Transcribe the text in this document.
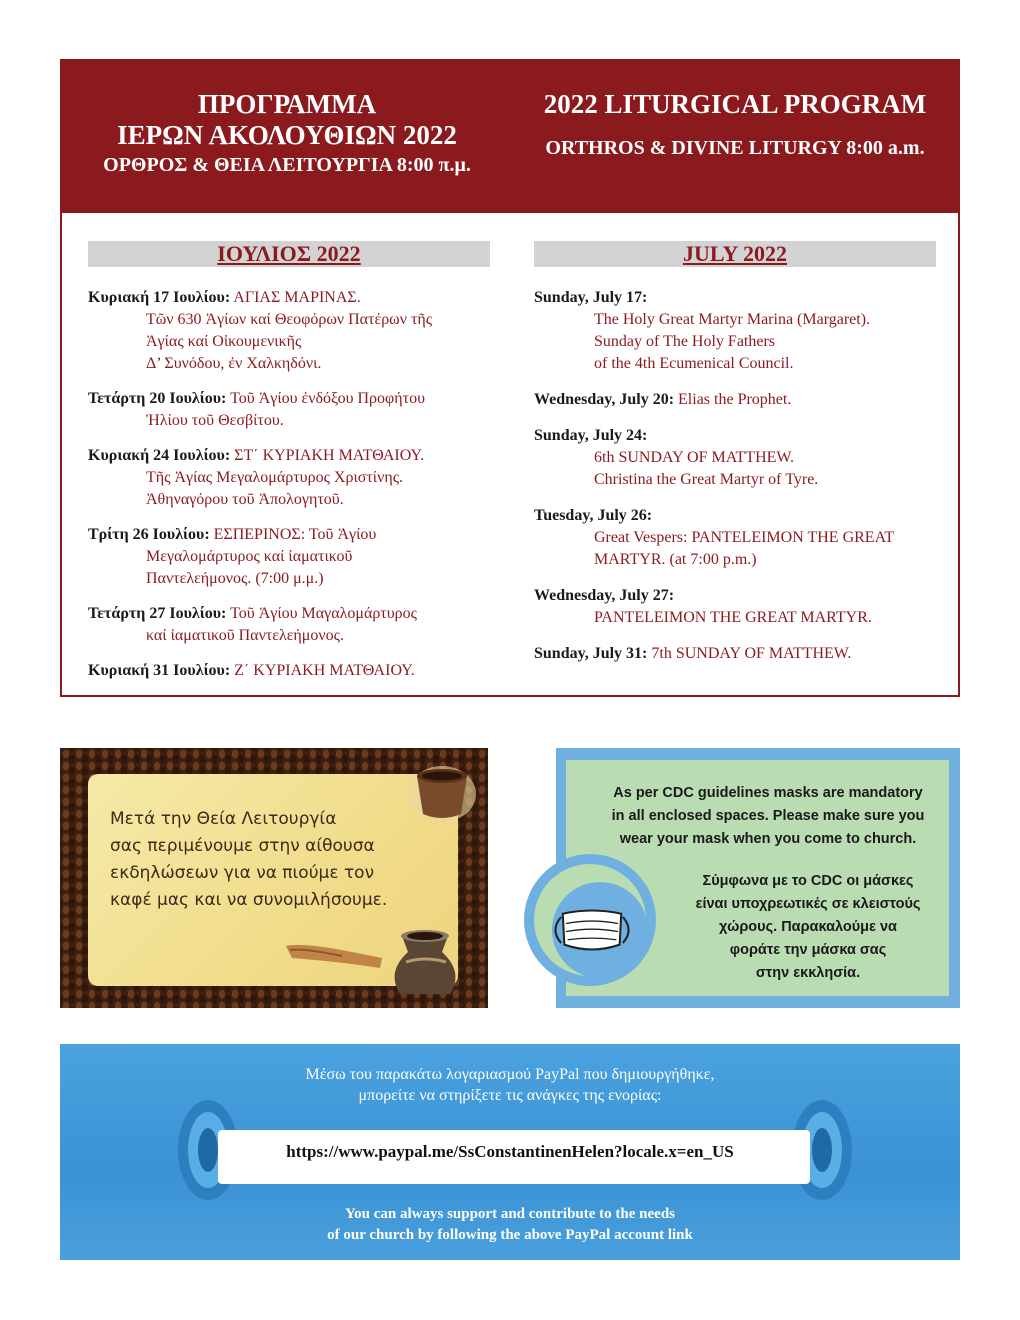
ΠΡΟΓΡΑΜΜΑ
ΙΕΡΩΝ ΑΚΟΛΟΥΘΙΩΝ 2022
ΟΡΘΡΟΣ & ΘΕΙΑ ΛΕΙΤΟΥΡΓΙΑ 8:00 π.μ.
2022 LITURGICAL PROGRAM
ORTHROS & DIVINE LITURGY 8:00 a.m.
ΙΟΥΛΙΟΣ 2022	JULY 2022
Κυριακή 17 Ιουλίου: ΑΓΙΑΣ ΜΑΡΙΝΑΣ.
Τῶν 630 Ἁγίων καί Θεοφόρων Πατέρων τῆς
Ἁγίας καί Οἰκουμενικῆς
Δ’ Συνόδου, ἐν Χαλκηδόνι.
Τετάρτη 20 Ιουλίου: Τοῦ Ἁγίου ἐνδόξου Προφήτου
Ἠλίου τοῦ Θεσβίτου.
Κυριακή 24 Ιουλίου: ΣΤ΄ ΚΥΡΙΑΚΗ ΜΑΤΘΑΙΟΥ.
Τῆς Ἁγίας Μεγαλομάρτυρος Χριστίνης.
Ἀθηναγόρου τοῦ Ἀπολογητοῦ.
Τρίτη 26 Ιουλίου: ΕΣΠΕΡΙΝΟΣ: Τοῦ Ἁγίου
Μεγαλομάρτυρος καί ἰαματικοῦ
Παντελεήμονος. (7:00 μ.μ.)
Τετάρτη 27 Ιουλίου: Τοῦ Ἁγίου Μαγαλομάρτυρος
καί ἰαματικοῦ Παντελεήμονος.
Κυριακή 31 Ιουλίου: Ζ΄ ΚΥΡΙΑΚΗ ΜΑΤΘΑΙΟΥ.
Sunday, July 17:
The Holy Great Martyr Marina (Margaret).
Sunday of The Holy Fathers
of the 4th Ecumenical Council.
Wednesday, July 20: Elias the Prophet.
Sunday, July 24:
6th SUNDAY OF MATTHEW.
Christina the Great Martyr of Tyre.
Tuesday, July 26:
Great Vespers: PANTELEIMON THE GREAT
MARTYR. (at 7:00 p.m.)
Wednesday, July 27:
PANTELEIMON THE GREAT MARTYR.
Sunday, July 31: 7th SUNDAY OF MATTHEW.
Μετά την Θεία Λειτουργία
σας περιμένουμε στην αίθουσα
εκδηλώσεων για να πιούμε τον
καφέ μας και να συνομιλήσουμε.
As per CDC guidelines masks are mandatory
in all enclosed spaces. Please make sure you
wear your mask when you come to church.
Σύμφωνα με το CDC οι μάσκες
είναι υποχρεωτικές σε κλειστούς
χώρους. Παρακαλούμε να
φοράτε την μάσκα σας
στην εκκλησία.
Μέσω του παρακάτω λογαριασμού PayPal που δημιουργήθηκε,
μπορείτε να στηρίξετε τις ανάγκες της ενορίας:
https://www.paypal.me/SsConstantinenHelen?locale.x=en_US
You can always support and contribute to the needs
of our church by following the above PayPal account link
